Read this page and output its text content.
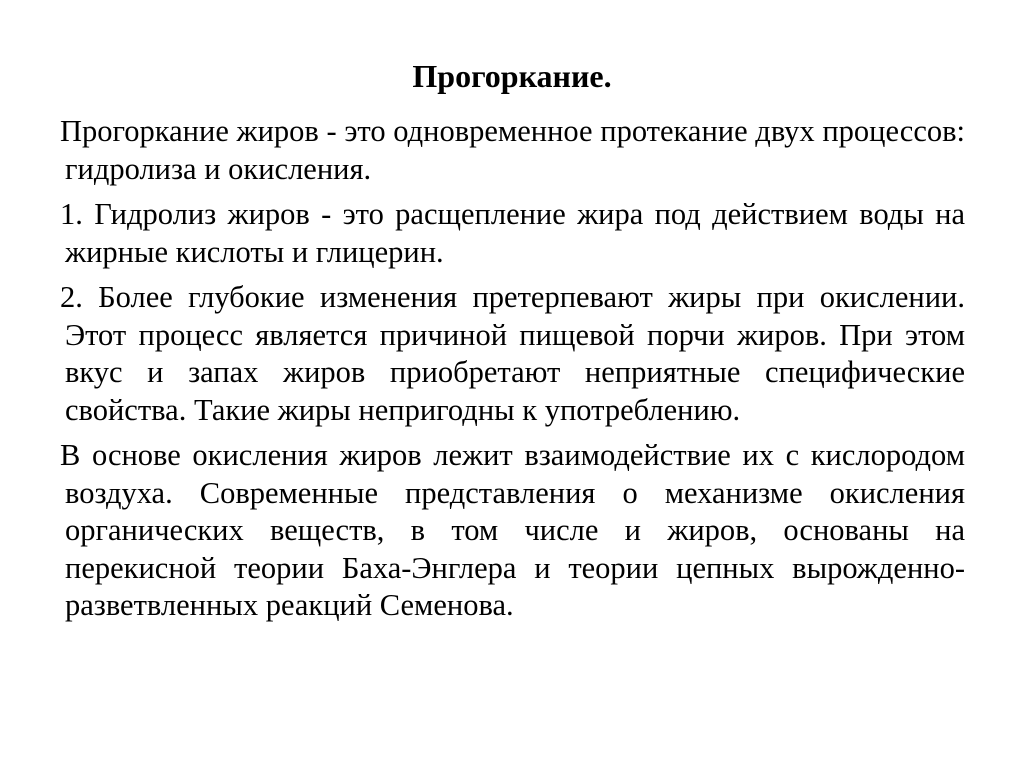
Прогоркание.

Прогоркание жиров - это одновременное протекание двух процессов: гидролиза и окисления.

1. Гидролиз жиров - это расщепление жира под действием воды на жирные кислоты и глицерин.

2. Более глубокие изменения претерпевают жиры при окислении. Этот процесс является причиной пищевой порчи жиров. При этом вкус и запах жиров приобретают неприятные специфические свойства. Такие жиры непригодны к употреблению.

В основе окисления жиров лежит взаимодействие их с кислородом воздуха. Современные представления о механизме окисления органических веществ, в том числе и жиров, основаны на перекисной теории Баха-Энглера и теории цепных вырожденно-разветвленных реакций Семенова.
